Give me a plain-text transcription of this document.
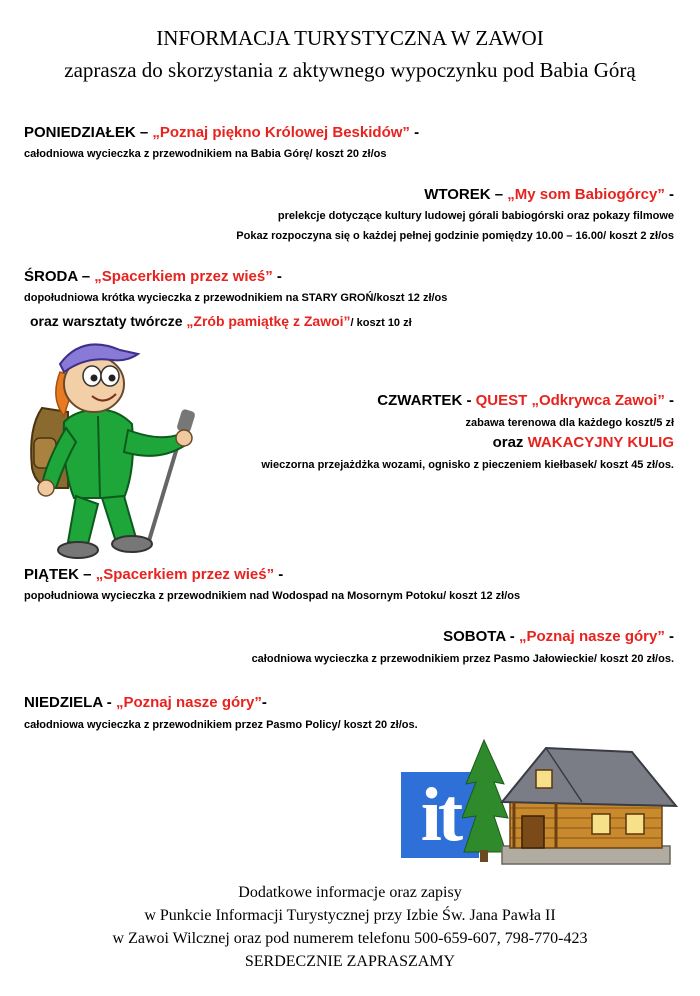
INFORMACJA TURYSTYCZNA W ZAWOI
zaprasza do skorzystania z aktywnego wypoczynku pod Babia Górą
PONIEDZIAŁEK – „Poznaj piękno Królowej Beskidów” -
całodniowa wycieczka z przewodnikiem na Babia Górę/ koszt 20 zł/os
WTOREK – „My som Babiogórcy” -
prelekcje dotyczące kultury ludowej górali babiogórski oraz pokazy filmowe
Pokaz rozpoczyna się o każdej pełnej godzinie pomiędzy 10.00 – 16.00/ koszt 2 zł/os
ŚRODA – „Spacerkiem przez wieś” -
dopołudniowa krótka wycieczka z przewodnikiem na STARY GROŃ/koszt 12 zł/os
oraz warsztaty twórcze „Zrób pamiątkę z Zawoi”/ koszt 10 zł
CZWARTEK - QUEST „Odkrywca Zawoi” -
zabawa terenowa dla każdego koszt/5 zł
oraz WAKACYJNY KULIG
wieczorna przejażdżka wozami, ognisko z pieczeniem kiełbasek/ koszt 45 zł/os.
PIĄTEK – „Spacerkiem przez wieś” -
popołudniowa wycieczka z przewodnikiem nad Wodospad na Mosornym Potoku/ koszt 12 zł/os
SOBOTA - „Poznaj nasze góry” -
całodniowa wycieczka z przewodnikiem przez Pasmo Jałowieckie/ koszt 20 zł/os.
NIEDZIELA - „Poznaj nasze góry”-
całodniowa wycieczka z przewodnikiem przez Pasmo Policy/ koszt 20 zł/os.
it
Dodatkowe informacje oraz zapisy
w Punkcie Informacji Turystycznej przy Izbie Św. Jana Pawła II
w Zawoi Wilcznej oraz pod numerem telefonu 500-659-607, 798-770-423
SERDECZNIE ZAPRASZAMY
